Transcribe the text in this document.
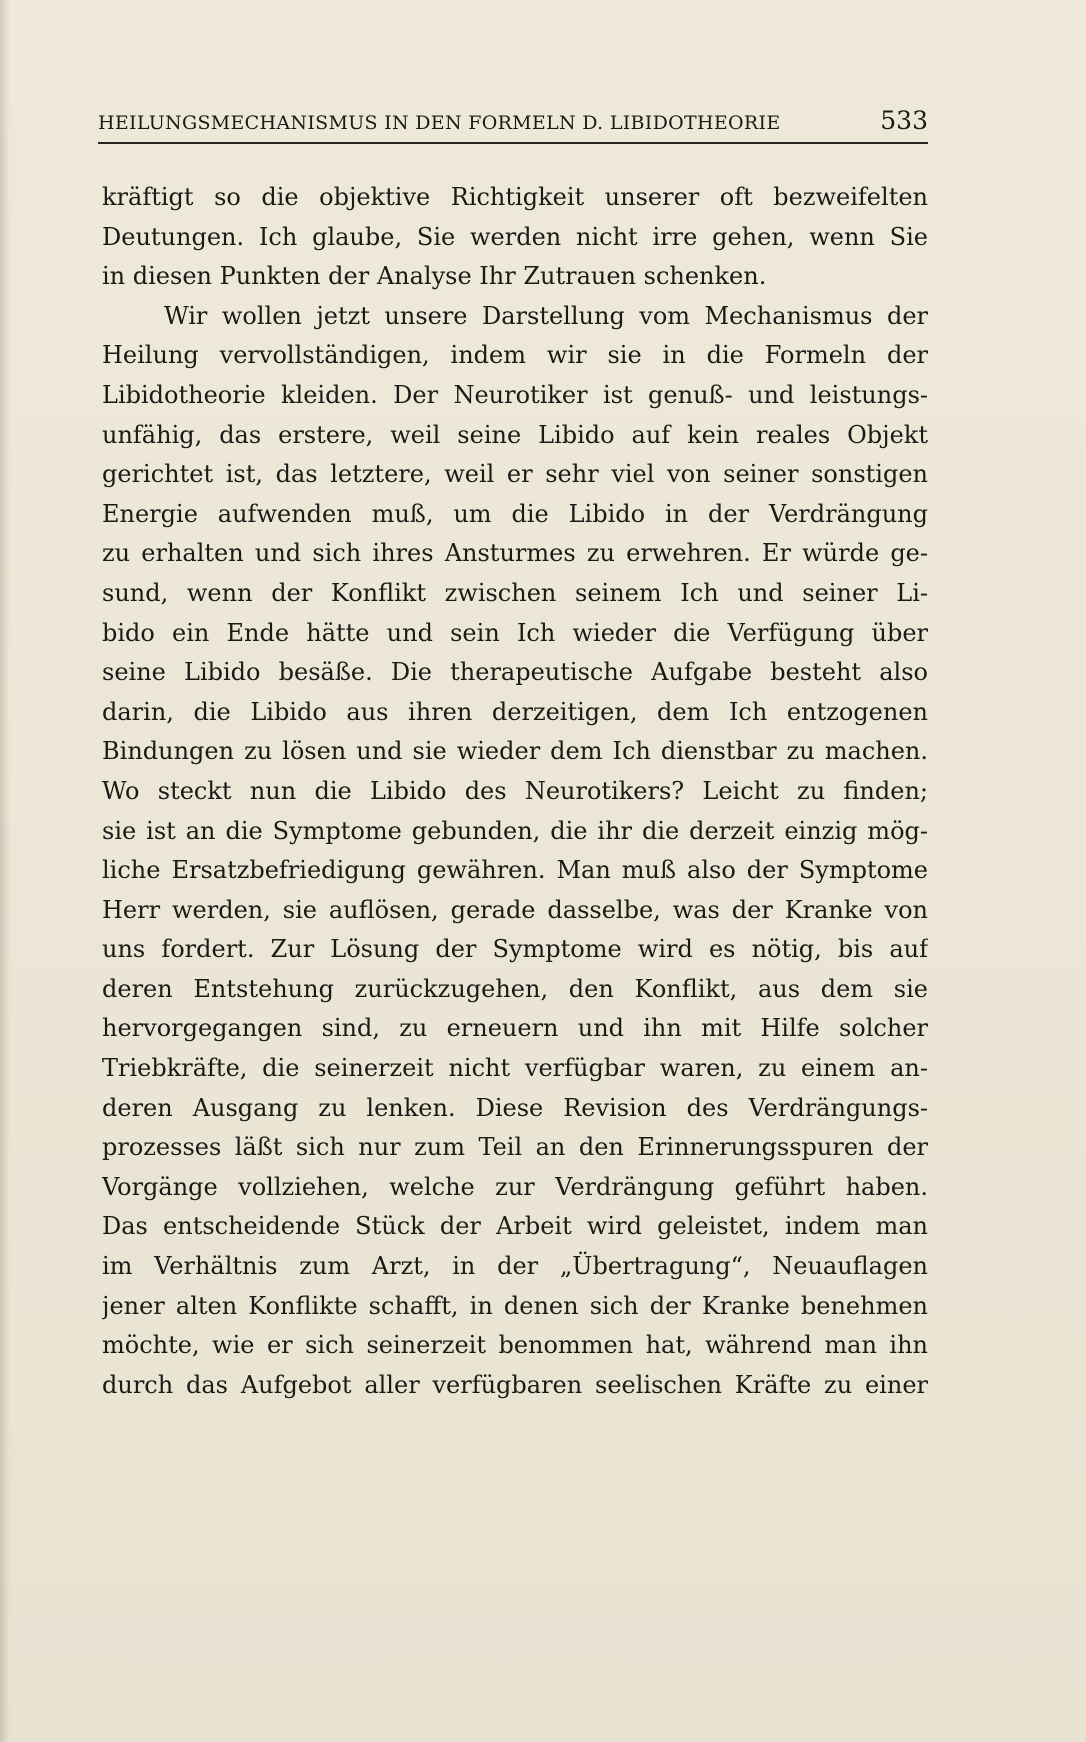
HEILUNGSMECHANISMUS IN DEN FORMELN D. LIBIDOTHEORIE	533
kräftigt so die objektive Richtigkeit unserer oft bezweifelten
Deutungen. Ich glaube, Sie werden nicht irre gehen, wenn Sie
in diesen Punkten der Analyse Ihr Zutrauen schenken.
Wir wollen jetzt unsere Darstellung vom Mechanismus der
Heilung vervollständigen, indem wir sie in die Formeln der
Libidotheorie kleiden. Der Neurotiker ist genuß- und leistungs-
unfähig, das erstere, weil seine Libido auf kein reales Objekt
gerichtet ist, das letztere, weil er sehr viel von seiner sonstigen
Energie aufwenden muß, um die Libido in der Verdrängung
zu erhalten und sich ihres Ansturmes zu erwehren. Er würde ge-
sund, wenn der Konflikt zwischen seinem Ich und seiner Li-
bido ein Ende hätte und sein Ich wieder die Verfügung über
seine Libido besäße. Die therapeutische Aufgabe besteht also
darin, die Libido aus ihren derzeitigen, dem Ich entzogenen
Bindungen zu lösen und sie wieder dem Ich dienstbar zu machen.
Wo steckt nun die Libido des Neurotikers? Leicht zu finden;
sie ist an die Symptome gebunden, die ihr die derzeit einzig mög-
liche Ersatzbefriedigung gewähren. Man muß also der Symptome
Herr werden, sie auflösen, gerade dasselbe, was der Kranke von
uns fordert. Zur Lösung der Symptome wird es nötig, bis auf
deren Entstehung zurückzugehen, den Konflikt, aus dem sie
hervorgegangen sind, zu erneuern und ihn mit Hilfe solcher
Triebkräfte, die seinerzeit nicht verfügbar waren, zu einem an-
deren Ausgang zu lenken. Diese Revision des Verdrängungs-
prozesses läßt sich nur zum Teil an den Erinnerungsspuren der
Vorgänge vollziehen, welche zur Verdrängung geführt haben.
Das entscheidende Stück der Arbeit wird geleistet, indem man
im Verhältnis zum Arzt, in der „Übertragung“, Neuauflagen
jener alten Konflikte schafft, in denen sich der Kranke benehmen
möchte, wie er sich seinerzeit benommen hat, während man ihn
durch das Aufgebot aller verfügbaren seelischen Kräfte zu einer
